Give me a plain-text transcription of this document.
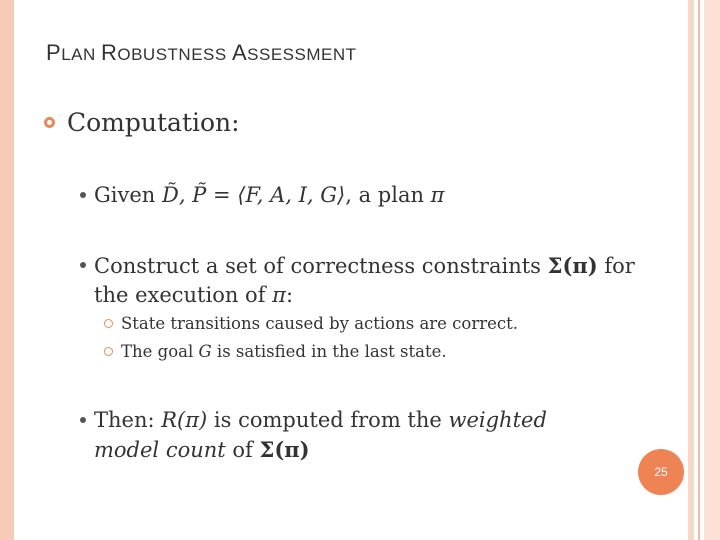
PLAN ROBUSTNESS ASSESSMENT
Computation:
Given D̃, P̃ = ⟨F, A, I, G⟩, a plan π
Construct a set of correctness constraints Σ(π) for
the execution of π:
State transitions caused by actions are correct.
The goal G is satisfied in the last state.
Then: R(π) is computed from the weighted
model count of Σ(π)
25
